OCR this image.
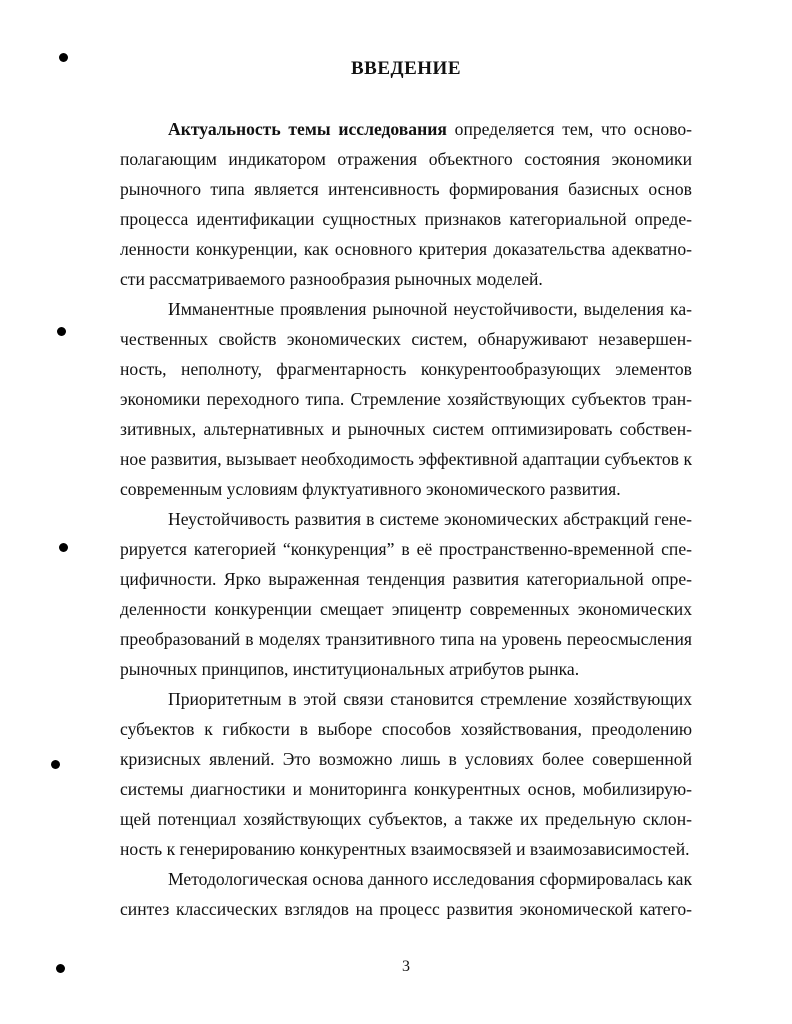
ВВЕДЕНИЕ

Актуальность темы исследования определяется тем, что основополагающим индикатором отражения объектного состояния экономики рыночного типа является интенсивность формирования базисных основ процесса идентификации сущностных признаков категориальной определенности конкуренции, как основного критерия доказательства адекватности рассматриваемого разнообразия рыночных моделей.

Имманентные проявления рыночной неустойчивости, выделения качественных свойств экономических систем, обнаруживают незавершенность, неполноту, фрагментарность конкурентообразующих элементов экономики переходного типа. Стремление хозяйствующих субъектов транзитивных, альтернативных и рыночных систем оптимизировать собственное развития, вызывает необходимость эффективной адаптации субъектов к современным условиям флуктуативного экономического развития.

Неустойчивость развития в системе экономических абстракций генерируется категорией “конкуренция” в её пространственно-временной специфичности. Ярко выраженная тенденция развития категориальной определенности конкуренции смещает эпицентр современных экономических преобразований в моделях транзитивного типа на уровень переосмысления рыночных принципов, институциональных атрибутов рынка.

Приоритетным в этой связи становится стремление хозяйствующих субъектов к гибкости в выборе способов хозяйствования, преодолению кризисных явлений. Это возможно лишь в условиях более совершенной системы диагностики и мониторинга конкурентных основ, мобилизирующей потенциал хозяйствующих субъектов, а также их предельную склонность к генерированию конкурентных взаимосвязей и взаимозависимостей.

Методологическая основа данного исследования сформировалась как синтез классических взглядов на процесс развития экономической катего-

3
